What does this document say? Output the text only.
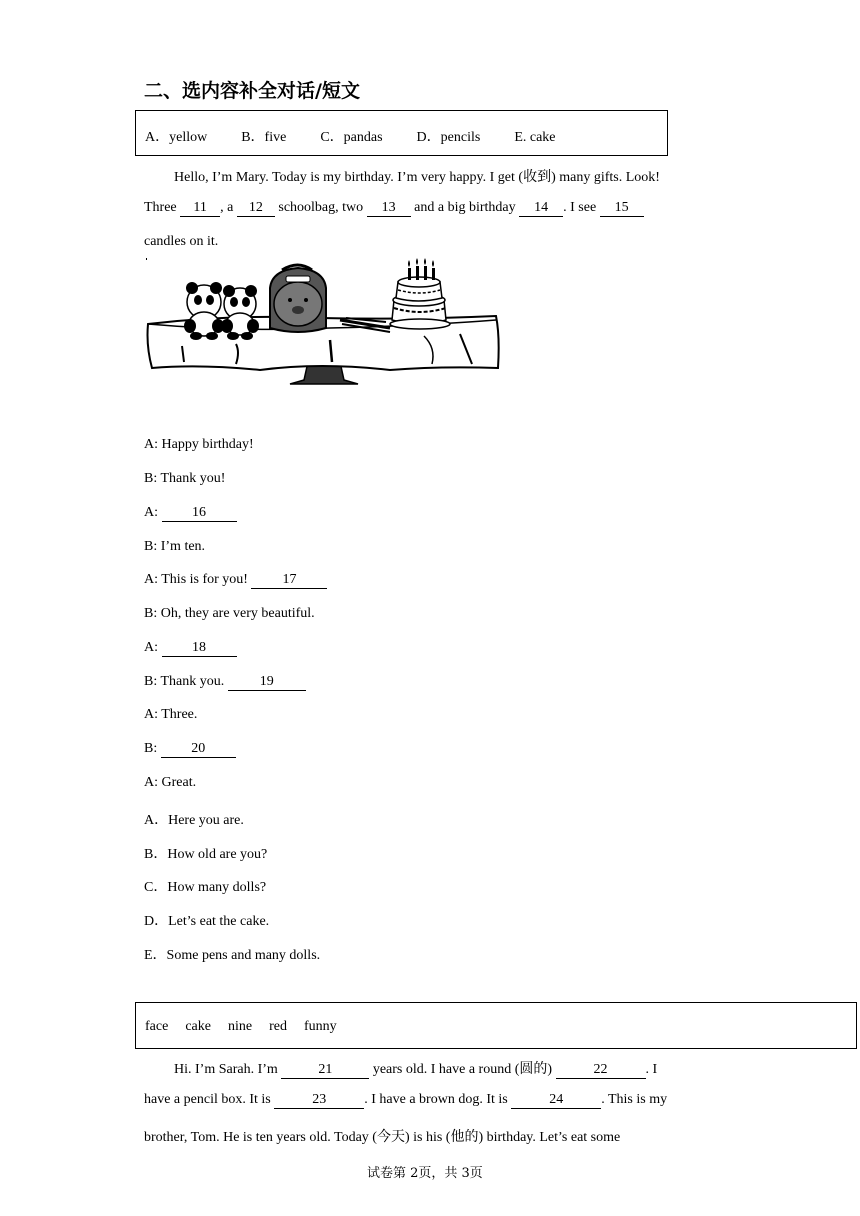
二、选内容补全对话/短文
A．yellow B．five C．pandas D．pencils E. cake
Hello, I’m Mary. Today is my birthday. I’m very happy. I get (收到) many gifts. Look!
Three 11 , a 12 schoolbag, two 13 and a big birthday 14 . I see 15
candles on it.
A: Happy birthday!
B: Thank you!
A: 16
B: I’m ten.
A: This is for you! 17
B: Oh, they are very beautiful.
A: 18
B: Thank you. 19
A: Three.
B: 20
A: Great.
A．Here you are.
B．How old are you?
C．How many dolls?
D．Let’s eat the cake.
E．Some pens and many dolls.
face cake nine red funny
Hi. I’m Sarah. I’m	21	years old. I have a round (圆的)	22	. I
have a pencil box. It is	23	. I have a brown dog. It is	24	. This is my
brother, Tom. He is ten years old. Today (今天) is his (他的) birthday. Let’s eat some
试卷第 2页，共 3页
